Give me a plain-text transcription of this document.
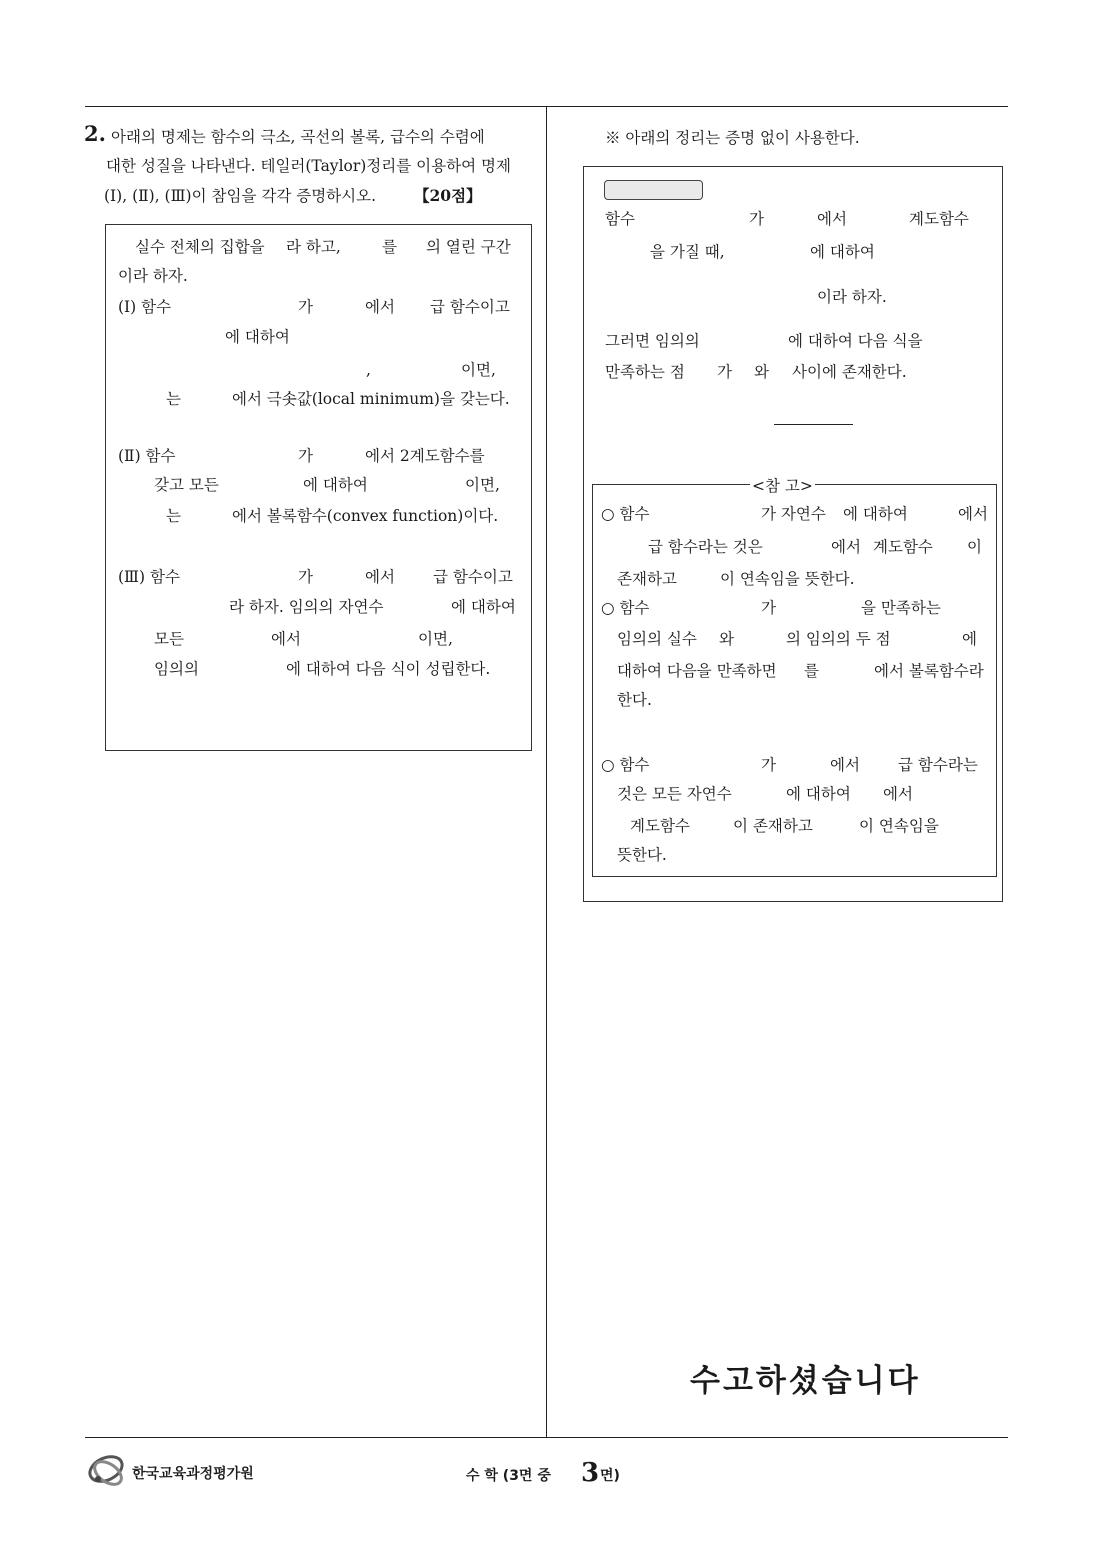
2. 아래의 명제는 함수의 극소, 곡선의 볼록, 급수의 수렴에
대한 성질을 나타낸다. 테일러(Taylor)정리를 이용하여 명제
(Ⅰ), (Ⅱ), (Ⅲ)이 참임을 각각 증명하시오. 【20점】
실수 전체의 집합을 라 하고,	를 의 열린 구간
이라 하자.
(Ⅰ) 함수	가	에서 급 함수이고
에 대하여
,	이면,
는	에서 극솟값(local minimum)을 갖는다.
(Ⅱ) 함수	가	에서 2계도함수를
갖고 모든	에 대하여	이면,
는	에서 볼록함수(convex function)이다.
(Ⅲ) 함수	가	에서 급 함수이고
라 하자. 임의의 자연수	에 대하여
모든	에서	이면,
임의의	에 대하여 다음 식이 성립한다.
※ 아래의 정리는 증명 없이 사용한다.
함수	가	에서	계도함수
을 가질 때,	에 대하여
이라 하자.
그러면 임의의	에 대하여 다음 식을
만족하는 점 가 와 사이에 존재한다.
<참 고>
○ 함수	가 자연수 에 대하여	에서
급 함수라는 것은	에서 계도함수 이
존재하고	이 연속임을 뜻한다.
○ 함수	가	을 만족하는
임의의 실수 와	의 임의의 두 점	에
대하여 다음을 만족하면 를	에서 볼록함수라
한다.
○ 함수	가	에서 급 함수라는
것은 모든 자연수	에 대하여 에서
계도함수	이 존재하고	이 연속임을
뜻한다.
수고하셨습니다
한국교육과정평가원	수 학 (3면 중 3 면)
